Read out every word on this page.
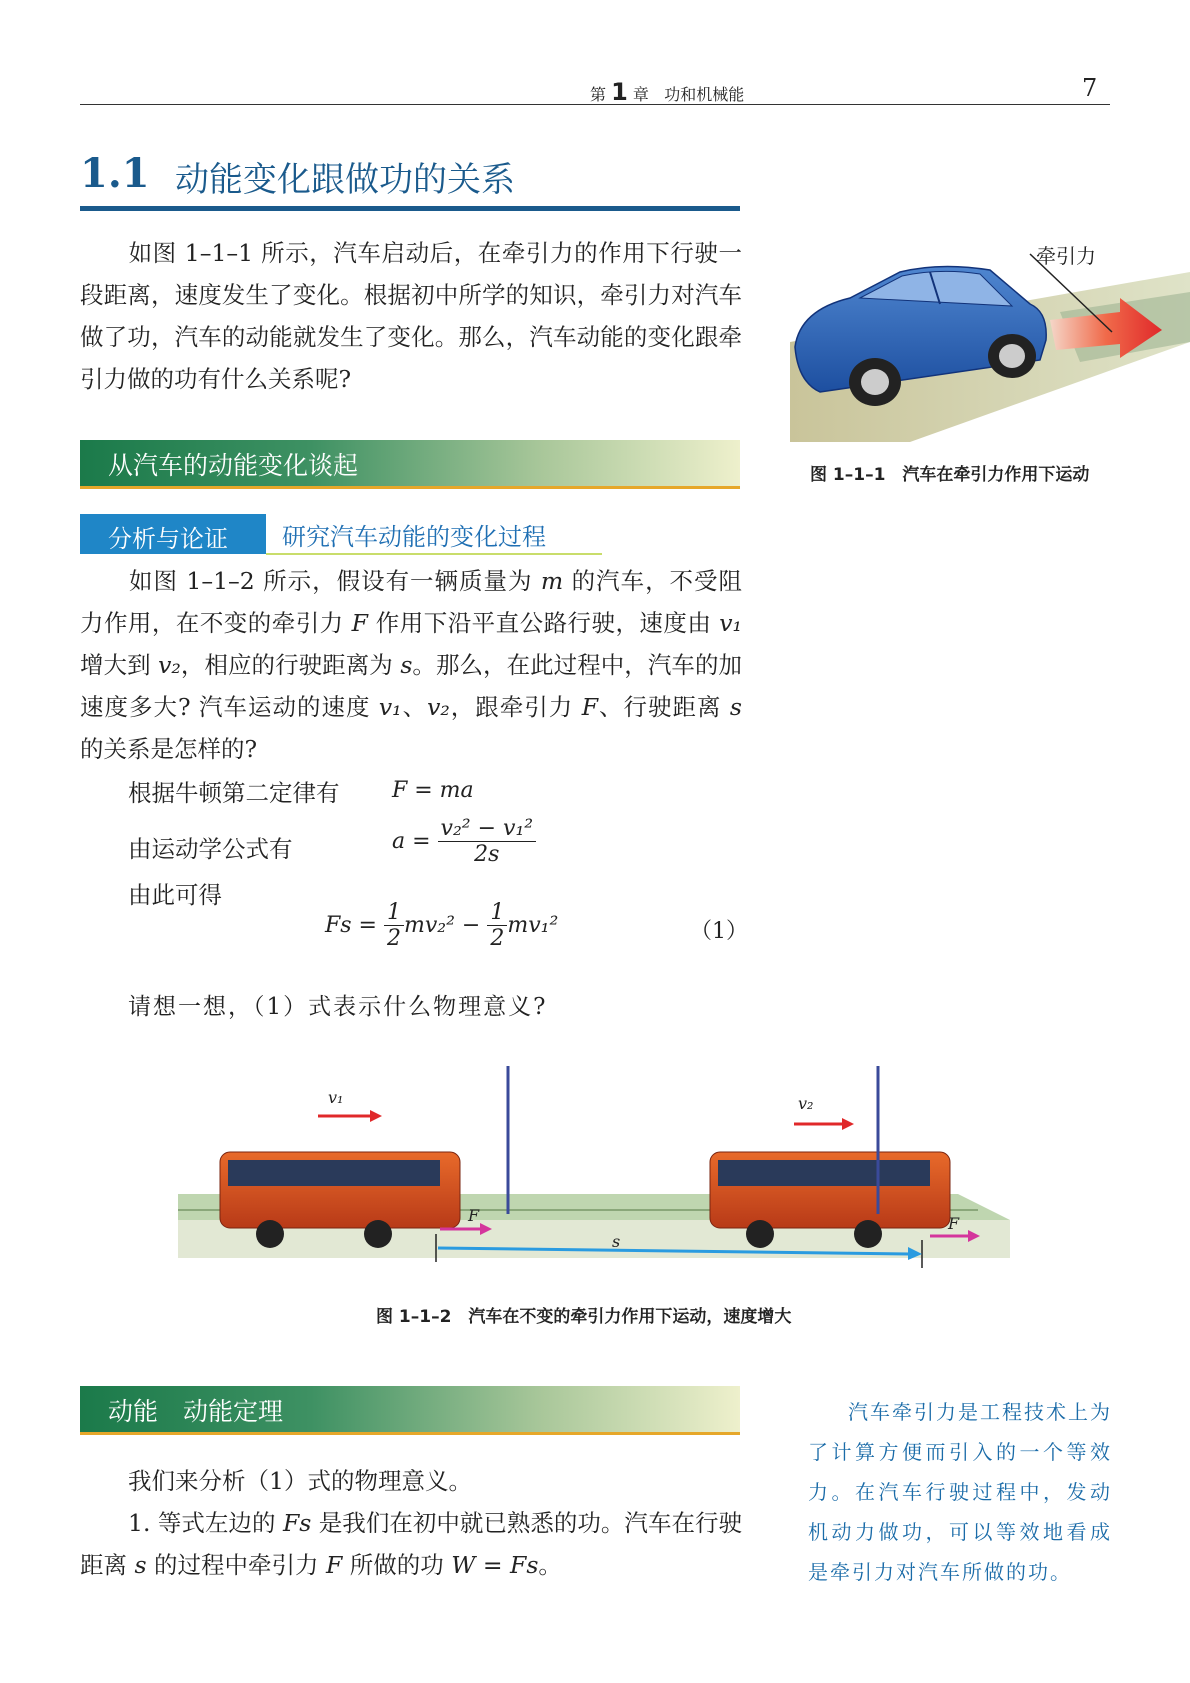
第 1 章 功和机械能	7
1.1 动能变化跟做功的关系
如图 1–1–1 所示，汽车启动后，在牵引力的作用下行驶一段距离，速度发生了变化。根据初中所学的知识，牵引力对汽车做了功，汽车的动能就发生了变化。那么，汽车动能的变化跟牵引力做的功有什么关系呢?
牵引力
图 1–1–1　汽车在牵引力作用下运动
从汽车的动能变化谈起
分析与论证 研究汽车动能的变化过程
如图 1–1–2 所示，假设有一辆质量为 m 的汽车，不受阻力作用，在不变的牵引力 F 作用下沿平直公路行驶，速度由 v₁ 增大到 v₂，相应的行驶距离为 s。那么，在此过程中，汽车的加速度多大? 汽车运动的速度 v₁、v₂，跟牵引力 F、行驶距离 s 的关系是怎样的?
根据牛顿第二定律有 F = ma
由运动学公式有	$a = \frac{\text{v₂² − v₁²}}{2s}$
由此可得
$Fs = \frac{1}{2} mv_2^2 - \frac{1}{2} mv_1^2$	（1）
请想一想，（1）式表示什么物理意义?
v₁	v₂
F	F
s
图 1–1–2　汽车在不变的牵引力作用下运动，速度增大
动能　动能定理
我们来分析（1）式的物理意义。
1. 等式左边的 Fs 是我们在初中就已熟悉的功。汽车在行驶距离 s 的过程中牵引力 F 所做的功 W = Fs。
汽车牵引力是工程技术上为了计算方便而引入的一个等效力。在汽车行驶过程中，发动机动力做功，可以等效地看成是牵引力对汽车所做的功。
